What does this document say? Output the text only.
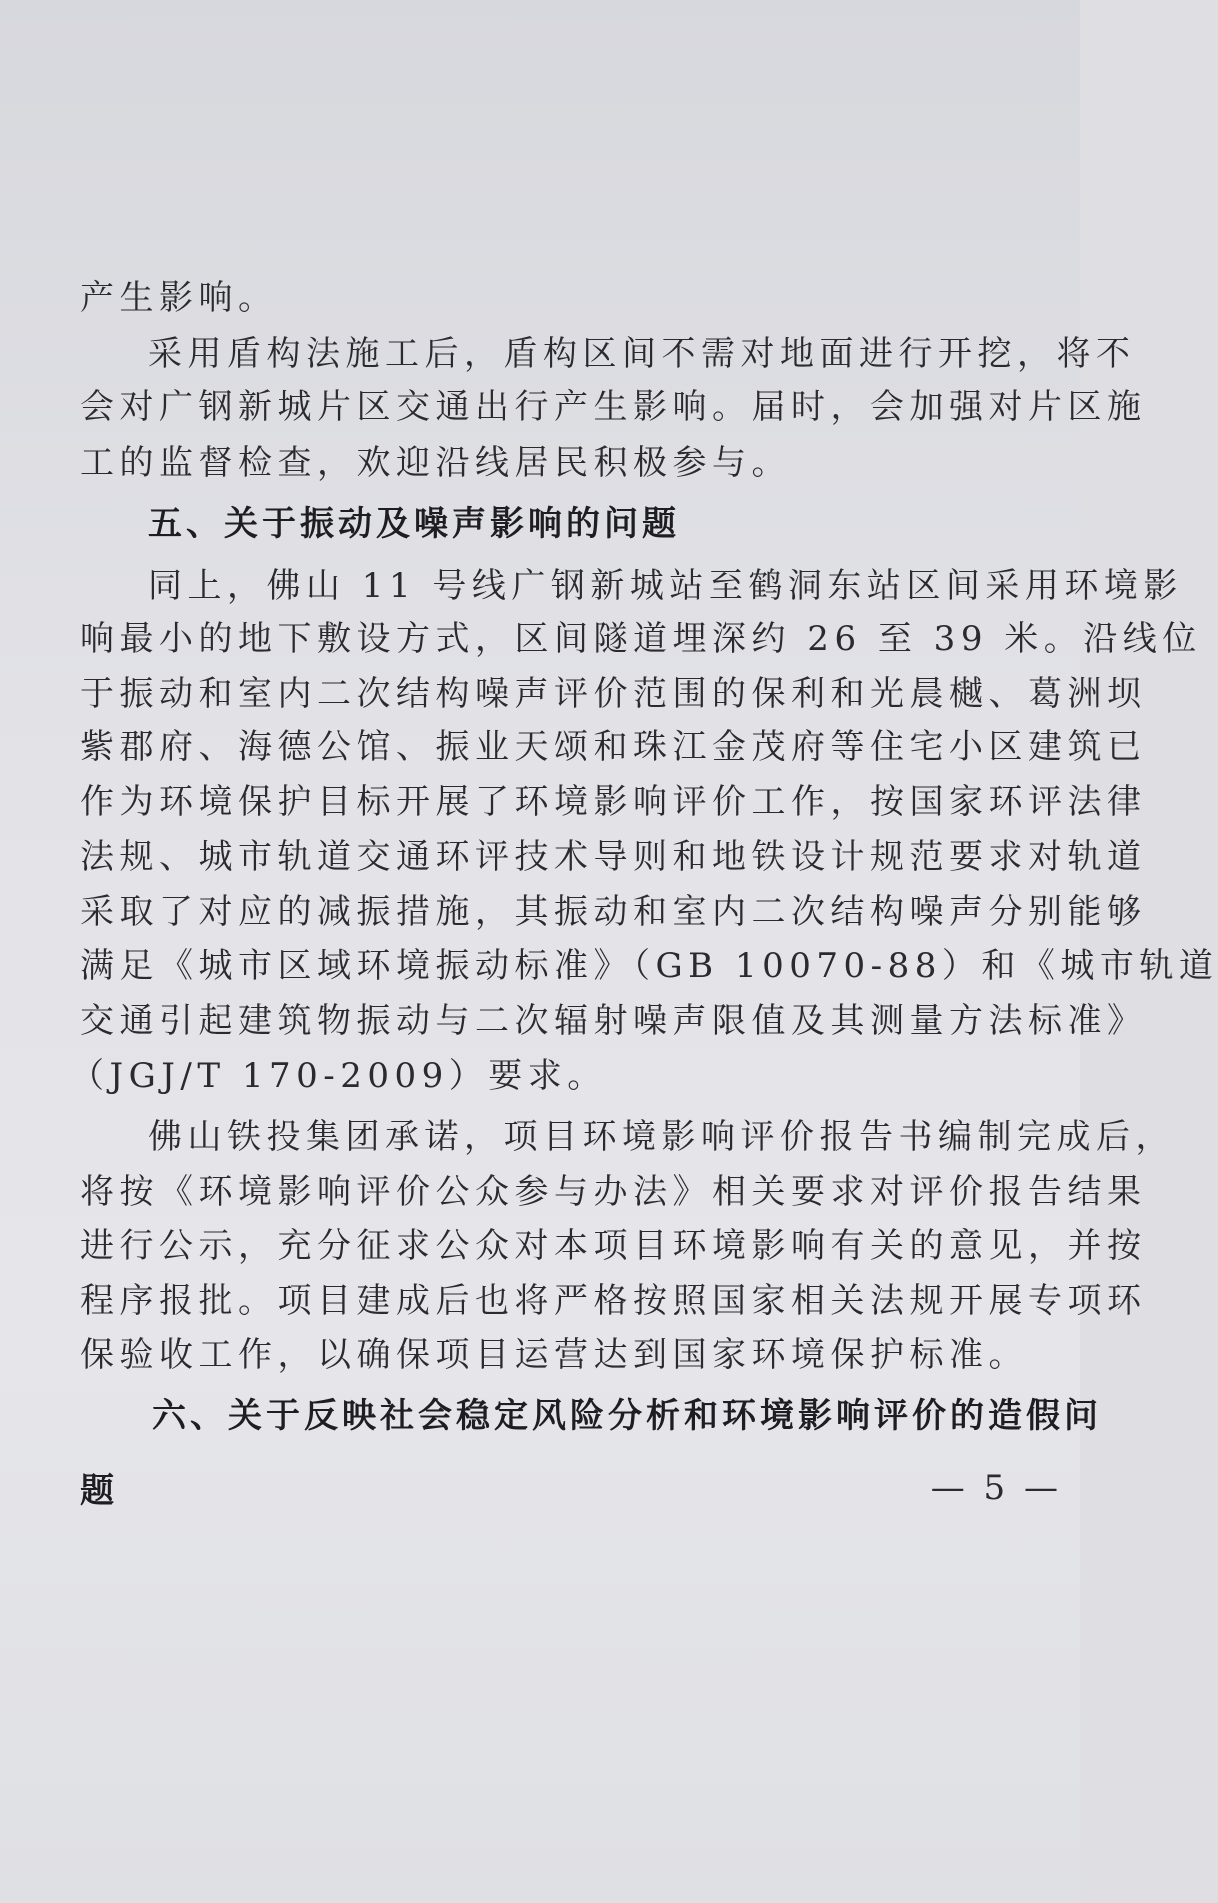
产生影响。
采用盾构法施工后，盾构区间不需对地面进行开挖，将不
会对广钢新城片区交通出行产生影响。届时，会加强对片区施
工的监督检查，欢迎沿线居民积极参与。
五、关于振动及噪声影响的问题
同上，佛山 11 号线广钢新城站至鹤洞东站区间采用环境影
响最小的地下敷设方式，区间隧道埋深约 26 至 39 米。沿线位
于振动和室内二次结构噪声评价范围的保利和光晨樾、葛洲坝
紫郡府、海德公馆、振业天颂和珠江金茂府等住宅小区建筑已
作为环境保护目标开展了环境影响评价工作，按国家环评法律
法规、城市轨道交通环评技术导则和地铁设计规范要求对轨道
采取了对应的减振措施，其振动和室内二次结构噪声分别能够
满足《城市区域环境振动标准》（GB 10070-88）和《城市轨道
交通引起建筑物振动与二次辐射噪声限值及其测量方法标准》
（JGJ/T 170-2009）要求。
佛山铁投集团承诺，项目环境影响评价报告书编制完成后，
将按《环境影响评价公众参与办法》相关要求对评价报告结果
进行公示，充分征求公众对本项目环境影响有关的意见，并按
程序报批。项目建成后也将严格按照国家相关法规开展专项环
保验收工作，以确保项目运营达到国家环境保护标准。
六、关于反映社会稳定风险分析和环境影响评价的造假问
题	— 5 —
